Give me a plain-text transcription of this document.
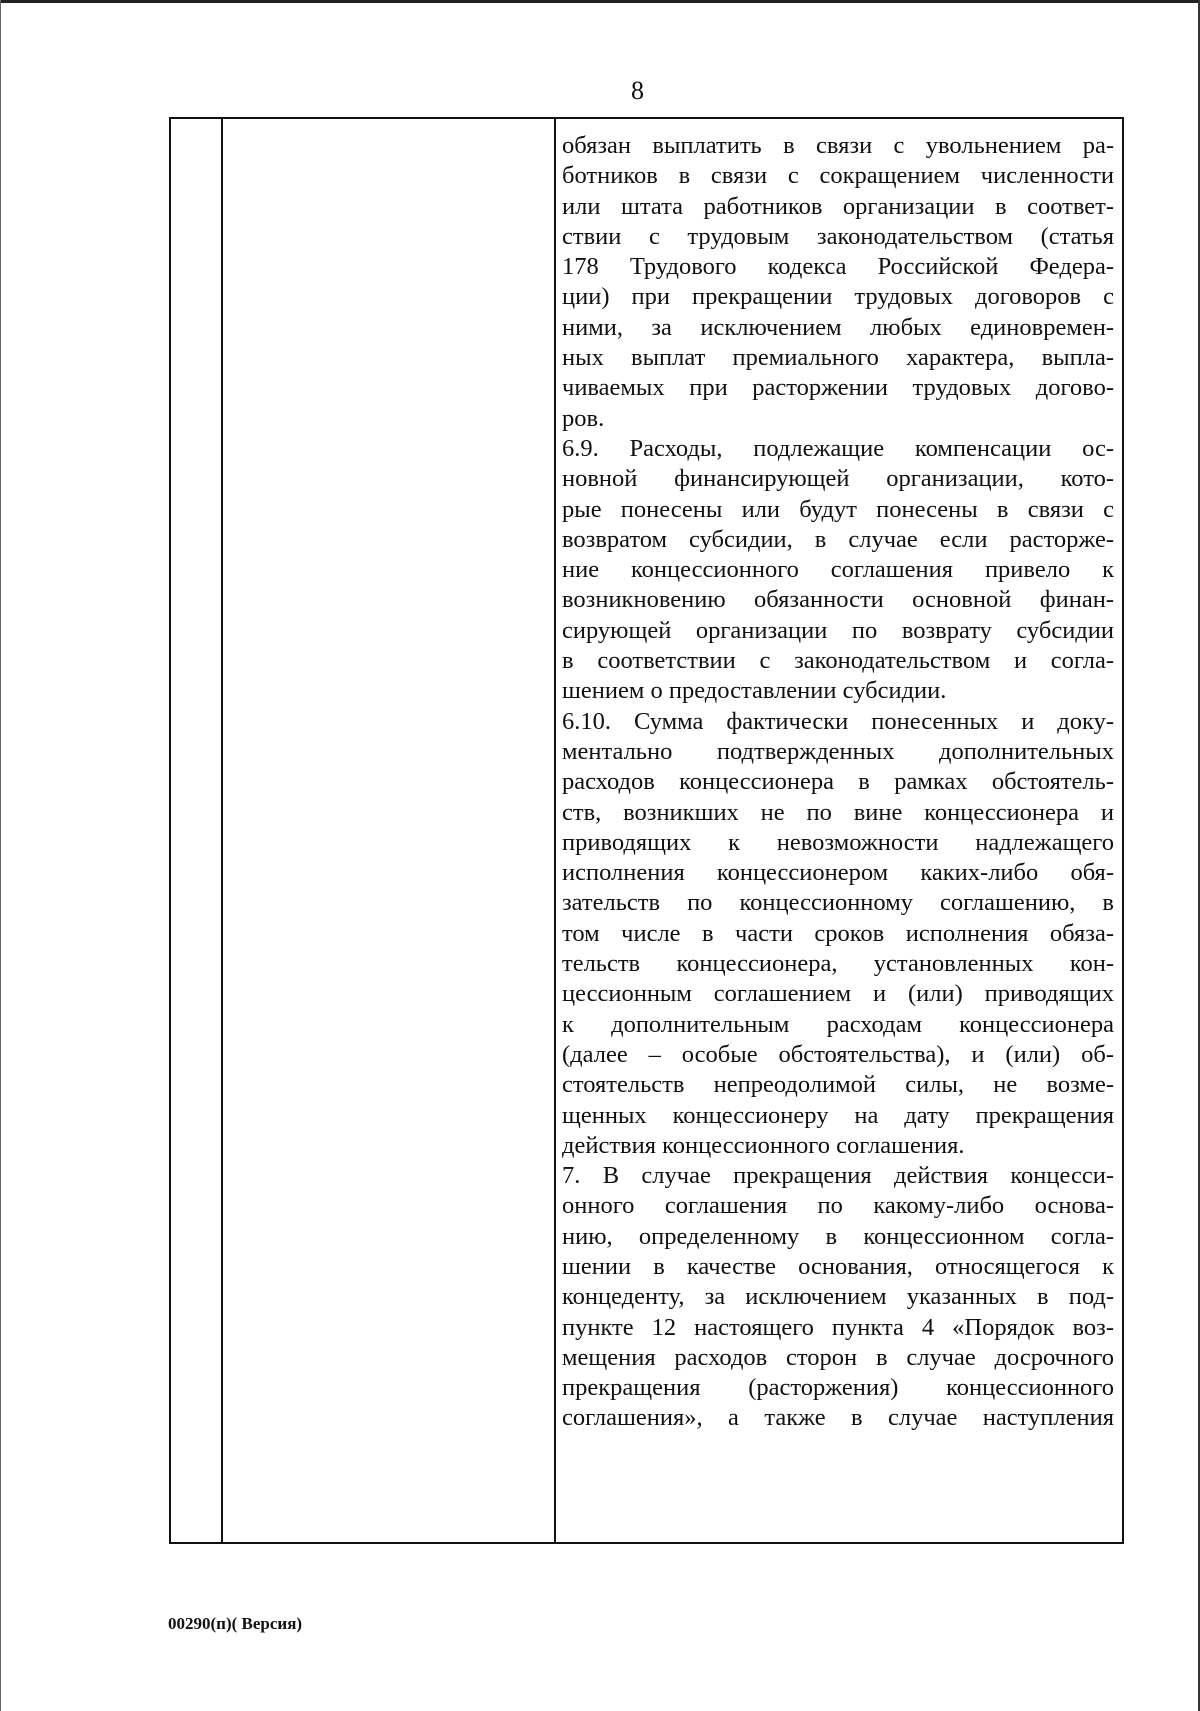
8
обязан выплатить в связи с увольнением ра-
ботников в связи с сокращением численности
или штата работников организации в соответ-
ствии с трудовым законодательством (статья
178 Трудового кодекса Российской Федера-
ции) при прекращении трудовых договоров с
ними, за исключением любых единовремен-
ных выплат премиального характера, выпла-
чиваемых при расторжении трудовых догово-
ров.
6.9. Расходы, подлежащие компенсации ос-
новной финансирующей организации, кото-
рые понесены или будут понесены в связи с
возвратом субсидии, в случае если расторже-
ние концессионного соглашения привело к
возникновению обязанности основной финан-
сирующей организации по возврату субсидии
в соответствии с законодательством и согла-
шением о предоставлении субсидии.
6.10. Сумма фактически понесенных и доку-
ментально подтвержденных дополнительных
расходов концессионера в рамках обстоятель-
ств, возникших не по вине концессионера и
приводящих к невозможности надлежащего
исполнения концессионером каких-либо обя-
зательств по концессионному соглашению, в
том числе в части сроков исполнения обяза-
тельств концессионера, установленных кон-
цессионным соглашением и (или) приводящих
к дополнительным расходам концессионера
(далее – особые обстоятельства), и (или) об-
стоятельств непреодолимой силы, не возме-
щенных концессионеру на дату прекращения
действия концессионного соглашения.
7. В случае прекращения действия концесси-
онного соглашения по какому-либо основа-
нию, определенному в концессионном согла-
шении в качестве основания, относящегося к
концеденту, за исключением указанных в под-
пункте 12 настоящего пункта 4 «Порядок воз-
мещения расходов сторон в случае досрочного
прекращения (расторжения) концессионного
соглашения», а также в случае наступления
00290(п)( Версия)
